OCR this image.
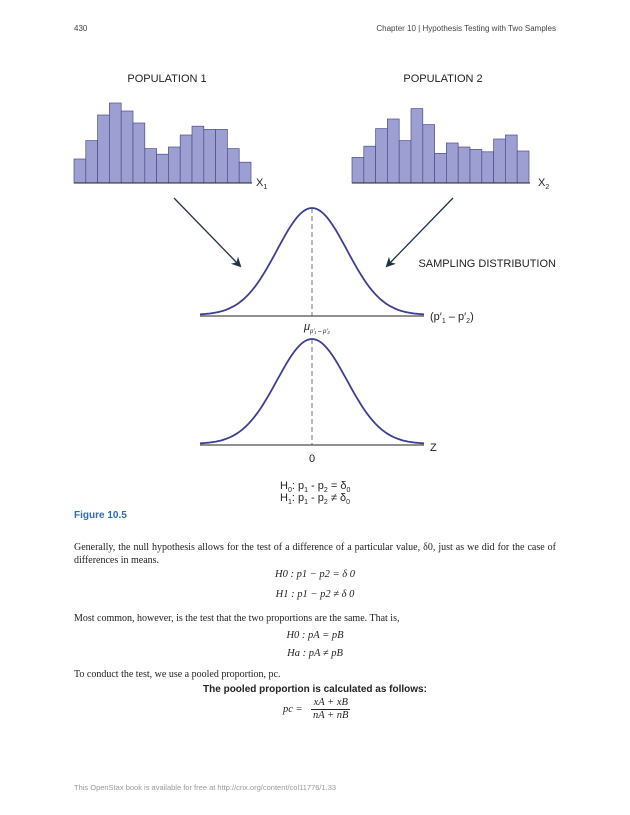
430	Chapter 10 | Hypothesis Testing with Two Samples
POPULATION 1	POPULATION 2
$X_1$	$X_2$
SAMPLING DISTRIBUTION
$(p'_1 - p'_2)$
$\mu_{p'_1 - p'_2}$
Z
0
$H_0$: $p_1 - p_2 = \delta_0$
$H_1$: $p_1 - p_2 \ne \delta_0$
Figure 10.5
Generally, the null hypothesis allows for the test of a difference of a particular value, δ0, just as we did for the case of differences in means.
H0 : p1 − p2 = δ 0
H1 : p1 − p2 ≠ δ 0
Most common, however, is the test that the two proportions are the same. That is,
H0 : pA = pB
Ha : pA ≠ pB
To conduct the test, we use a pooled proportion, pc.
The pooled proportion is calculated as follows:
pc = $\frac{xA + xB}{nA + nB}$
This OpenStax book is available for free at http://cnx.org/content/col11776/1.33
